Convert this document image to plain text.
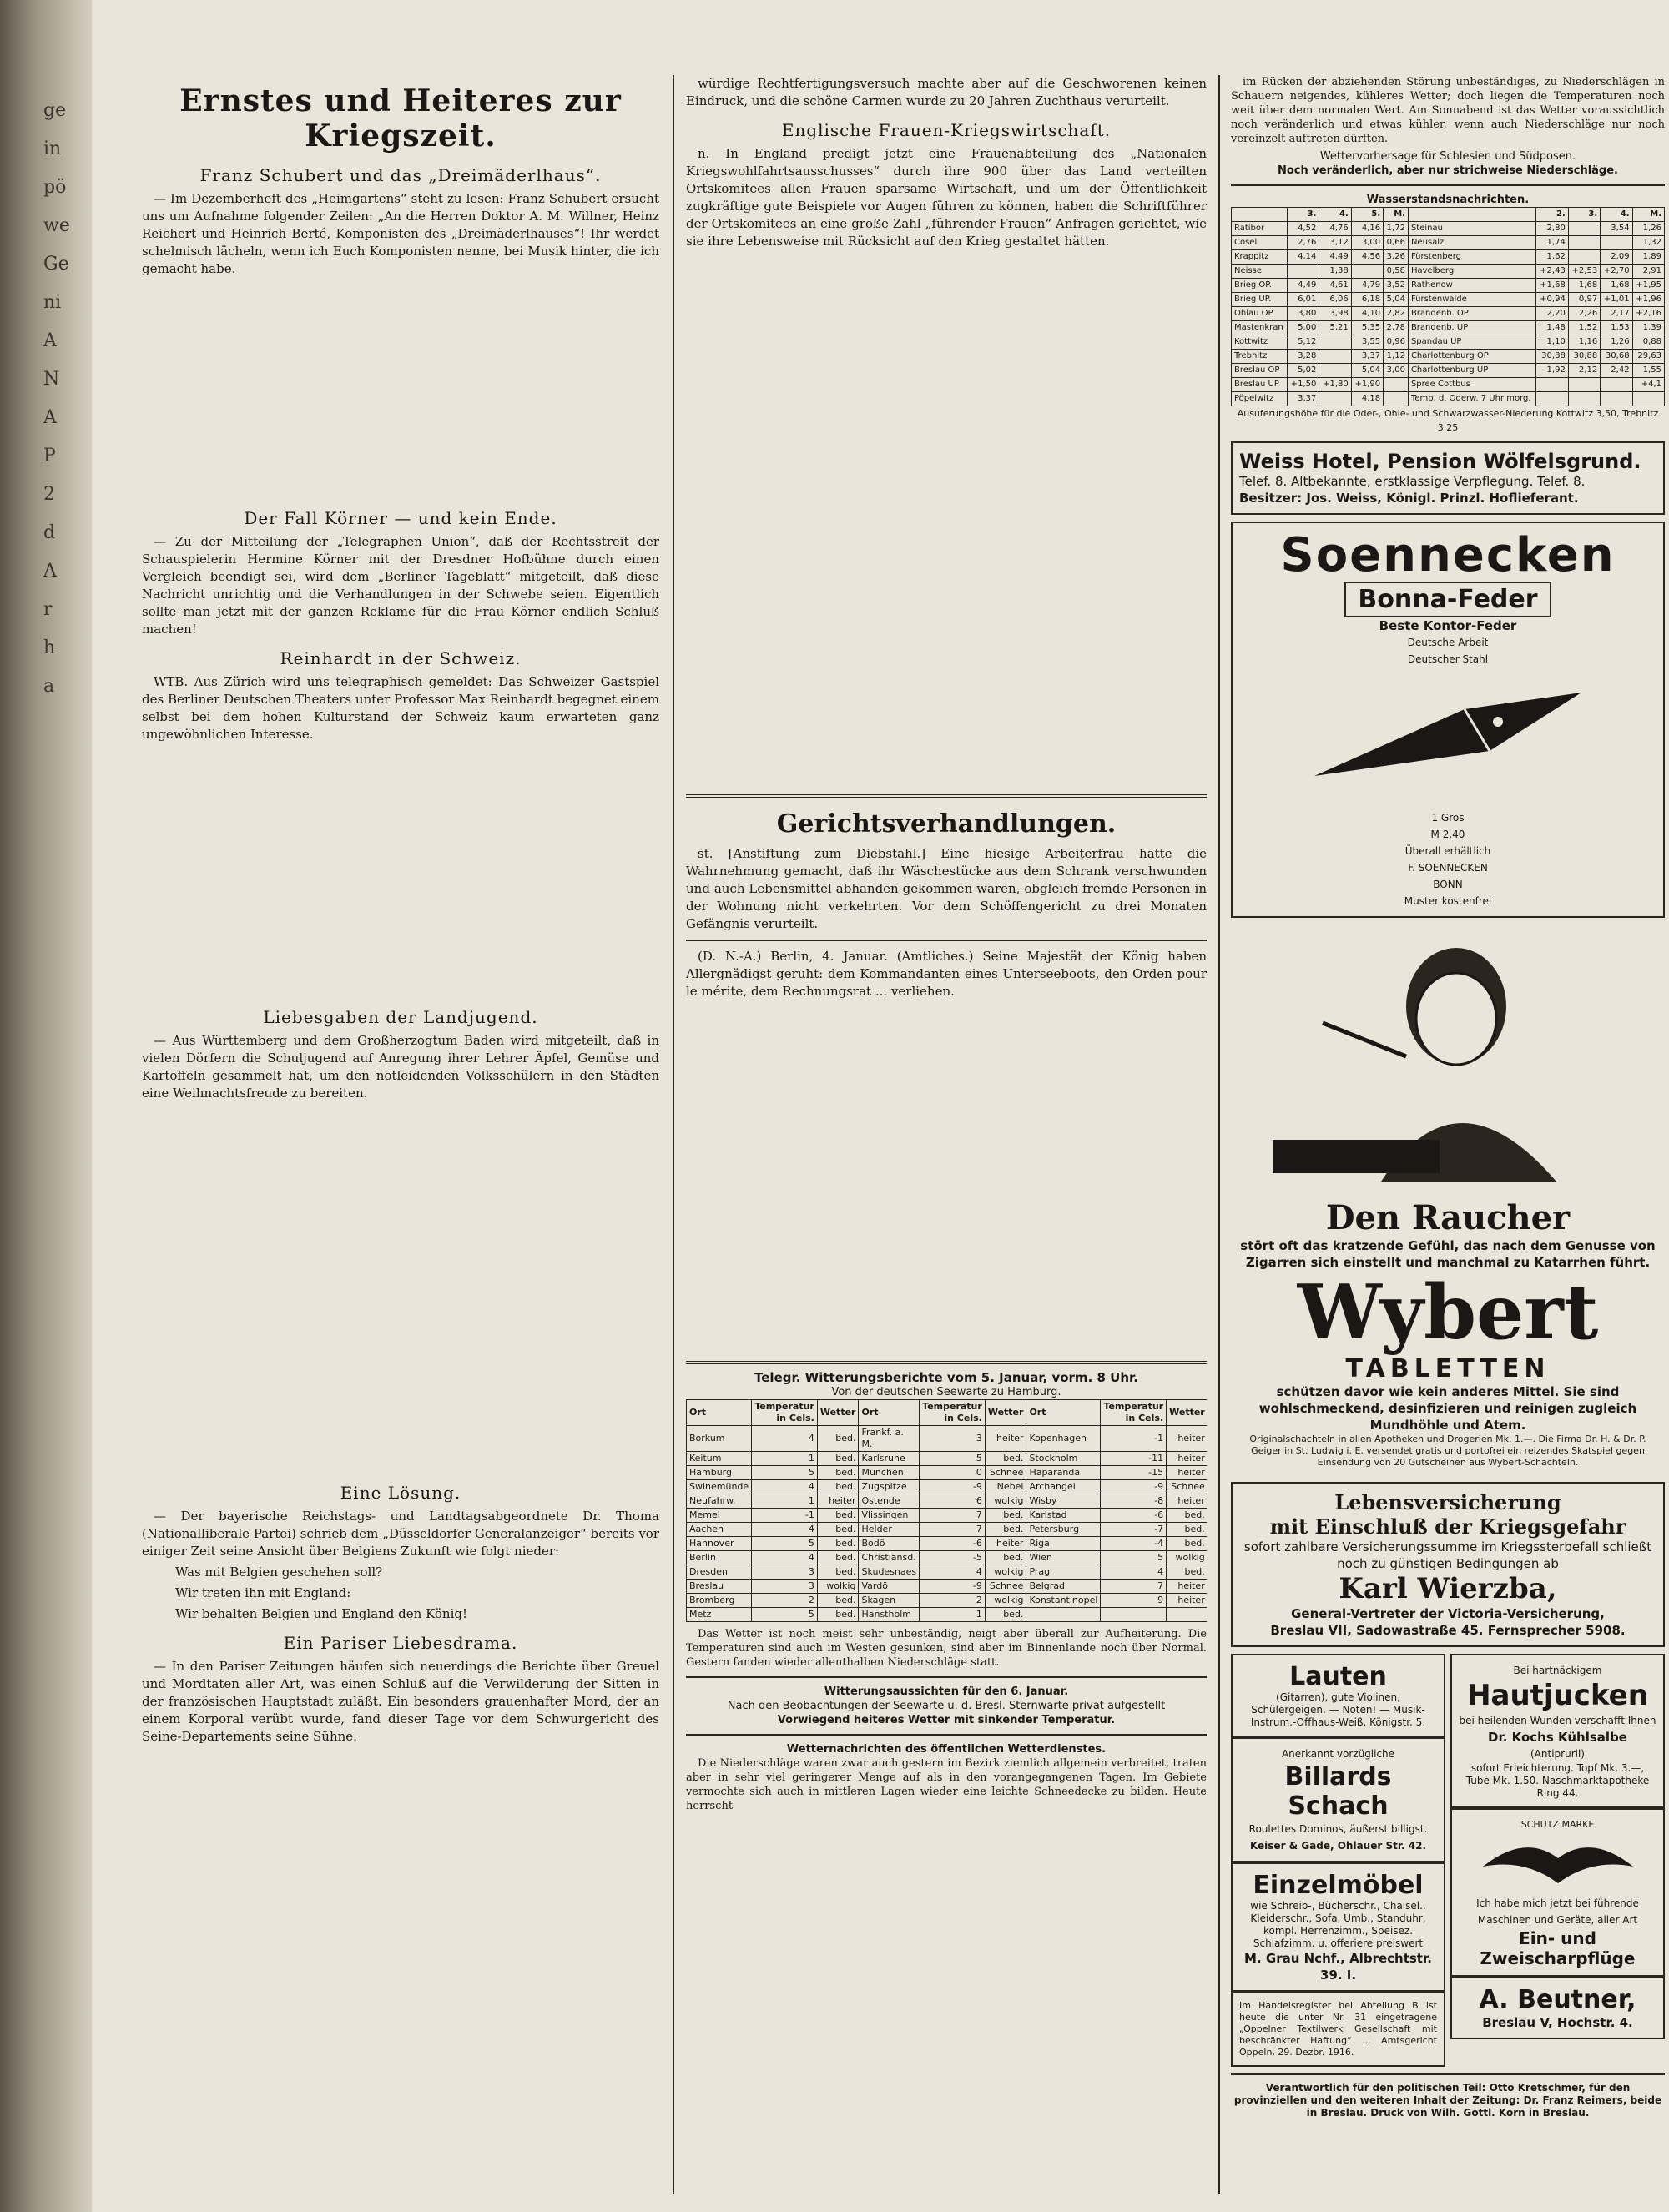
ge
in
pö
we
Ge
ni
A
N
A
P
2
d
A
r
h
a
Ernstes und Heiteres zur Kriegszeit.
Franz Schubert und das „Dreimäderlhaus“.

— Im Dezemberheft des „Heimgartens“ steht zu lesen: Franz Schubert ersucht uns um Aufnahme folgender Zeilen: „An die Herren Doktor A. M. Willner, Heinz Reichert und Heinrich Berté, Komponisten des „Dreimäderlhauses“! Ihr werdet schelmisch lächeln, wenn ich Euch Komponisten nenne, bei Musik hinter, die ich gemacht habe.

Der Fall Körner — und kein Ende.

— Zu der Mitteilung der „Telegraphen Union“, daß der Rechtsstreit der Schauspielerin Hermine Körner mit der Dresdner Hofbühne durch einen Vergleich beendigt sei, wird dem „Berliner Tageblatt“ mitgeteilt, daß diese Nachricht unrichtig und die Verhandlungen in der Schwebe seien. Eigentlich sollte man jetzt mit der ganzen Reklame für die Frau Körner endlich Schluß machen!

Reinhardt in der Schweiz.

WTB. Aus Zürich wird uns telegraphisch gemeldet: Das Schweizer Gastspiel des Berliner Deutschen Theaters unter Professor Max Reinhardt begegnet einem selbst bei dem hohen Kulturstand der Schweiz kaum erwarteten ganz ungewöhnlichen Interesse.

Liebesgaben der Landjugend.

— Aus Württemberg und dem Großherzogtum Baden wird mitgeteilt, daß in vielen Dörfern die Schuljugend auf Anregung ihrer Lehrer Äpfel, Gemüse und Kartoffeln gesammelt hat, um den notleidenden Volksschülern in den Städten eine Weihnachtsfreude zu bereiten.

Eine Lösung.

— Der bayerische Reichstags- und Landtagsabgeordnete Dr. Thoma (Nationalliberale Partei) schrieb dem „Düsseldorfer Generalanzeiger“ bereits vor einiger Zeit seine Ansicht über Belgiens Zukunft wie folgt nieder:

Was mit Belgien geschehen soll?

Wir treten ihn mit England:

Wir behalten Belgien und England den König!

Ein Pariser Liebesdrama.

— In den Pariser Zeitungen häufen sich neuerdings die Berichte über Greuel und Mordtaten aller Art, was einen Schluß auf die Verwilderung der Sitten in der französischen Hauptstadt zuläßt. Ein besonders grauenhafter Mord, der an einem Korporal verübt wurde, fand dieser Tage vor dem Schwurgericht des Seine-Departements seine Sühne.

würdige Rechtfertigungsversuch machte aber auf die Geschworenen keinen Eindruck, und die schöne Carmen wurde zu 20 Jahren Zuchthaus verurteilt.

Englische Frauen-Kriegswirtschaft.

n. In England predigt jetzt eine Frauenabteilung des „Nationalen Kriegswohlfahrtsausschusses“ durch ihre 900 über das Land verteilten Ortskomitees allen Frauen sparsame Wirtschaft, und um der Öffentlichkeit zugkräftige gute Beispiele vor Augen führen zu können, haben die Schriftführer der Ortskomitees an eine große Zahl „führender Frauen“ Anfragen gerichtet, wie sie ihre Lebensweise mit Rücksicht auf den Krieg gestaltet hätten.

Gerichtsverhandlungen.

st. [Anstiftung zum Diebstahl.] Eine hiesige Arbeiterfrau hatte die Wahrnehmung gemacht, daß ihr Wäschestücke aus dem Schrank verschwunden und auch Lebensmittel abhanden gekommen waren, obgleich fremde Personen in der Wohnung nicht verkehrten. Vor dem Schöffengericht zu drei Monaten Gefängnis verurteilt.

(D. N.-A.) Berlin, 4. Januar. (Amtliches.) Seine Majestät der König haben Allergnädigst geruht: dem Kommandanten eines Unterseeboots, den Orden pour le mérite, dem Rechnungsrat ... verliehen.

Telegr. Witterungsberichte vom 5. Januar, vorm. 8 Uhr.
Von der deutschen Seewarte zu Hamburg.
Ort	Temperatur in Cels.	Wetter	Ort	Temperatur in Cels.	Wetter	Ort	Temperatur in Cels.	Wetter
Borkum	4	bed.	Frankf. a. M.	3	heiter	Kopenhagen	-1	heiter
Keitum	1	bed.	Karlsruhe	5	bed.	Stockholm	-11	heiter
Hamburg	5	bed.	München	0	Schnee	Haparanda	-15	heiter
Swinemünde	4	bed.	Zugspitze	-9	Nebel	Archangel	-9	Schnee
Neufahrw.	1	heiter	Ostende	6	wolkig	Wisby	-8	heiter
Memel	-1	bed.	Vlissingen	7	bed.	Karlstad	-6	bed.
Aachen	4	bed.	Helder	7	bed.	Petersburg	-7	bed.
Hannover	5	bed.	Bodö	-6	heiter	Riga	-4	bed.
Berlin	4	bed.	Christiansd.	-5	bed.	Wien	5	wolkig
Dresden	3	bed.	Skudesnaes	4	wolkig	Prag	4	bed.
Breslau	3	wolkig	Vardö	-9	Schnee	Belgrad	7	heiter
Bromberg	2	bed.	Skagen	2	wolkig	Konstantinopel	9	heiter
Metz	5	bed.	Hanstholm	1	bed.			

Das Wetter ist noch meist sehr unbeständig, neigt aber überall zur Aufheiterung. Die Temperaturen sind auch im Westen gesunken, sind aber im Binnenlande noch über Normal. Gestern fanden wieder allenthalben Niederschläge statt.

Witterungsaussichten für den 6. Januar.
Nach den Beobachtungen der Seewarte u. d. Bresl. Sternwarte privat aufgestellt
Vorwiegend heiteres Wetter mit sinkender Temperatur.
Wetternachrichten des öffentlichen Wetterdienstes.

Die Niederschläge waren zwar auch gestern im Bezirk ziemlich allgemein verbreitet, traten aber in sehr viel geringerer Menge auf als in den vorangegangenen Tagen. Im Gebiete vermochte sich auch in mittleren Lagen wieder eine leichte Schneedecke zu bilden. Heute herrscht

im Rücken der abziehenden Störung unbeständiges, zu Niederschlägen in Schauern neigendes, kühleres Wetter; doch liegen die Temperaturen noch weit über dem normalen Wert. Am Sonnabend ist das Wetter voraussichtlich noch veränderlich und etwas kühler, wenn auch Niederschläge nur noch vereinzelt auftreten dürften.

Wettervorhersage für Schlesien und Südposen.
Noch veränderlich, aber nur strichweise Niederschläge.
Wasserstandsnachrichten.
	3.	4.	5.	M.		2.	3.	4.	M.
Ratibor	4,52	4,76	4,16	1,72	Steinau	2,80		3,54	1,26
Cosel	2,76	3,12	3,00	0,66	Neusalz	1,74			1,32
Krappitz	4,14	4,49	4,56	3,26	Fürstenberg	1,62		2,09	1,89
Neisse		1,38		0,58	Havelberg	+2,43	+2,53	+2,70	2,91
Brieg OP.	4,49	4,61	4,79	3,52	Rathenow	+1,68	1,68	1,68	+1,95
Brieg UP.	6,01	6,06	6,18	5,04	Fürstenwalde	+0,94	0,97	+1,01	+1,96
Ohlau OP.	3,80	3,98	4,10	2,82	Brandenb. OP	2,20	2,26	2,17	+2,16
Mastenkran	5,00	5,21	5,35	2,78	Brandenb. UP	1,48	1,52	1,53	1,39
Kottwitz	5,12		3,55	0,96	Spandau UP	1,10	1,16	1,26	0,88
Trebnitz	3,28		3,37	1,12	Charlottenburg OP	30,88	30,88	30,68	29,63
Breslau OP	5,02		5,04	3,00	Charlottenburg UP	1,92	2,12	2,42	1,55
Breslau UP	+1,50	+1,80	+1,90		Spree Cottbus				+4,1
Pöpelwitz	3,37		4,18		Temp. d. Oderw. 7 Uhr morg.				
Ausuferungshöhe für die Oder-, Ohle- und Schwarzwasser-Niederung Kottwitz 3,50, Trebnitz 3,25
Weiss Hotel, Pension Wölfelsgrund.
Telef. 8. Altbekannte, erstklassige Verpflegung. Telef. 8.
Besitzer: Jos. Weiss, Königl. Prinzl. Hoflieferant.
Soennecken
Bonna-Feder
Beste Kontor-Feder
Deutsche Arbeit
Deutscher Stahl
1 Gros
M 2.40
Überall erhältlich
F. SOENNECKEN
BONN
Muster kostenfrei
Den Raucher
stört oft das kratzende Gefühl, das nach dem Genusse von Zigarren sich einstellt und manchmal zu Katarrhen führt.
Wybert
TABLETTEN
schützen davor wie kein anderes Mittel. Sie sind wohlschmeckend, desinfizieren und reinigen zugleich Mundhöhle und Atem.
Originalschachteln in allen Apotheken und Drogerien Mk. 1.—. Die Firma Dr. H. & Dr. P. Geiger in St. Ludwig i. E. versendet gratis und portofrei ein reizendes Skatspiel gegen Einsendung von 20 Gutscheinen aus Wybert-Schachteln.
Lebensversicherung
mit Einschluß der Kriegsgefahr
sofort zahlbare Versicherungssumme im Kriegssterbefall schließt noch zu günstigen Bedingungen ab
Karl Wierzba,
General-Vertreter der Victoria-Versicherung,
Breslau VII, Sadowastraße 45. Fernsprecher 5908.
Lauten
(Gitarren), gute Violinen, Schülergeigen. — Noten! — Musik-Instrum.-Offhaus-Weiß, Königstr. 5.
Anerkannt vorzügliche
Billards
Schach
Roulettes Dominos, äußerst billigst.
Keiser & Gade, Ohlauer Str. 42.
Einzelmöbel
wie Schreib-, Bücherschr., Chaisel., Kleiderschr., Sofa, Umb., Standuhr, kompl. Herrenzimm., Speisez. Schlafzimm. u. offeriere preiswert
M. Grau Nchf., Albrechtstr. 39. I.
Im Handelsregister bei Abteilung B ist heute die unter Nr. 31 eingetragene „Oppelner Textilwerk Gesellschaft mit beschränkter Haftung“ ... Amtsgericht Oppeln, 29. Dezbr. 1916.
Bei hartnäckigem
Hautjucken
bei heilenden Wunden verschafft Ihnen
Dr. Kochs Kühlsalbe
(Antipruril)
sofort Erleichterung. Topf Mk. 3.—, Tube Mk. 1.50. Naschmarktapotheke Ring 44.
SCHUTZ MARKE
Ich habe mich jetzt bei führende Maschinen und Geräte, aller Art
Ein- und Zweischarpflüge
A. Beutner,
Breslau V, Hochstr. 4.
Verantwortlich für den politischen Teil: Otto Kretschmer, für den provinziellen und den weiteren Inhalt der Zeitung: Dr. Franz Reimers, beide in Breslau. Druck von Wilh. Gottl. Korn in Breslau.
